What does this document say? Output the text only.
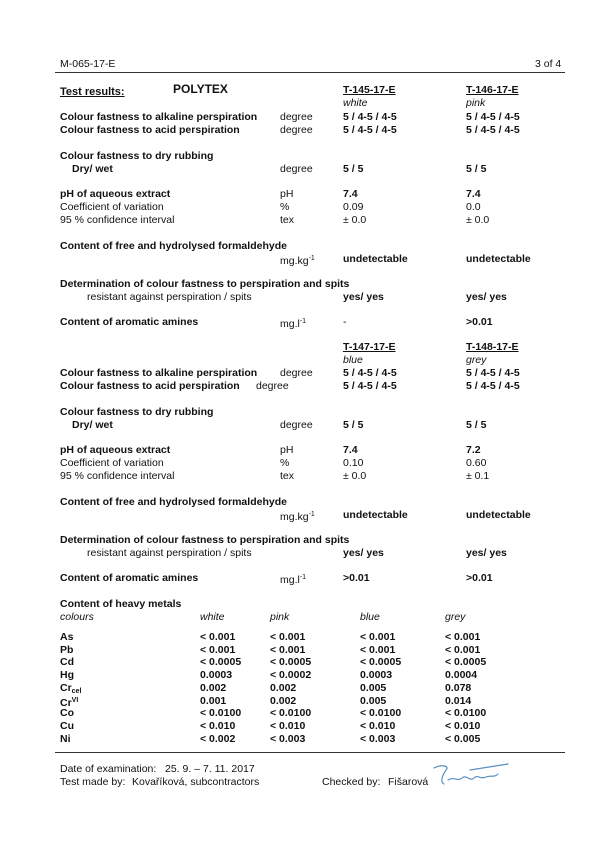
M-065-17-E	3 of 4
Test results:	POLYTEX	T-145-17-E	T-146-17-E
white	pink
Colour fastness to alkaline perspiration degree	5 / 4-5 / 4-5	5 / 4-5 / 4-5
Colour fastness to acid perspiration	degree	5 / 4-5 / 4-5	5 / 4-5 / 4-5
Colour fastness to dry rubbing
Dry/ wet	degree	5 / 5	5 / 5
pH of aqueous extract	pH	7.4	7.4
Coefficient of variation	%	0.09	0.0
95 % confidence interval	tex	± 0.0	± 0.0
Content of free and hydrolysed formaldehyde
$mg.kg^{-1}$	undetectable	undetectable
Determination of colour fastness to perspiration and spits
resistant against perspiration / spits	yes/ yes	yes/ yes
Content of aromatic amines	$mg.l^{-1}$	-	>0.01
T-147-17-E	T-148-17-E
blue	grey
Colour fastness to alkaline perspiration degree	5 / 4-5 / 4-5	5 / 4-5 / 4-5
Colour fastness to acid perspiration degree	5 / 4-5 / 4-5	5 / 4-5 / 4-5
Colour fastness to dry rubbing
Dry/ wet	degree	5 / 5	5 / 5
pH of aqueous extract	pH	7.4	7.2
Coefficient of variation	%	0.10	0.60
95 % confidence interval	tex	± 0.0	± 0.1
Content of free and hydrolysed formaldehyde
$mg.kg^{-1}$	undetectable	undetectable
Determination of colour fastness to perspiration and spits
resistant against perspiration / spits	yes/ yes	yes/ yes
Content of aromatic amines	$mg.l^{-1}$	>0.01	>0.01
Content of heavy metals
colours	white	pink	blue	grey
As	< 0.001	< 0.001	< 0.001	< 0.001
Pb	< 0.001	< 0.001	< 0.001	< 0.001
Cd	< 0.0005	< 0.0005	< 0.0005	< 0.0005
Hg	0.0003	< 0.0002	0.0003	0.0004
$Cr_{cel}$	0.002	0.002	0.005	0.078
$Cr^{VI}$	0.001	0.002	0.005	0.014
Co	< 0.0100	< 0.0100	< 0.0100	< 0.0100
Cu	< 0.010	< 0.010	< 0.010	< 0.010
Ni	< 0.002	< 0.003	< 0.003	< 0.005
Date of examination: 25. 9. – 7. 11. 2017
Test made by: Kovaříková, subcontractors	Checked by: Fišarová
